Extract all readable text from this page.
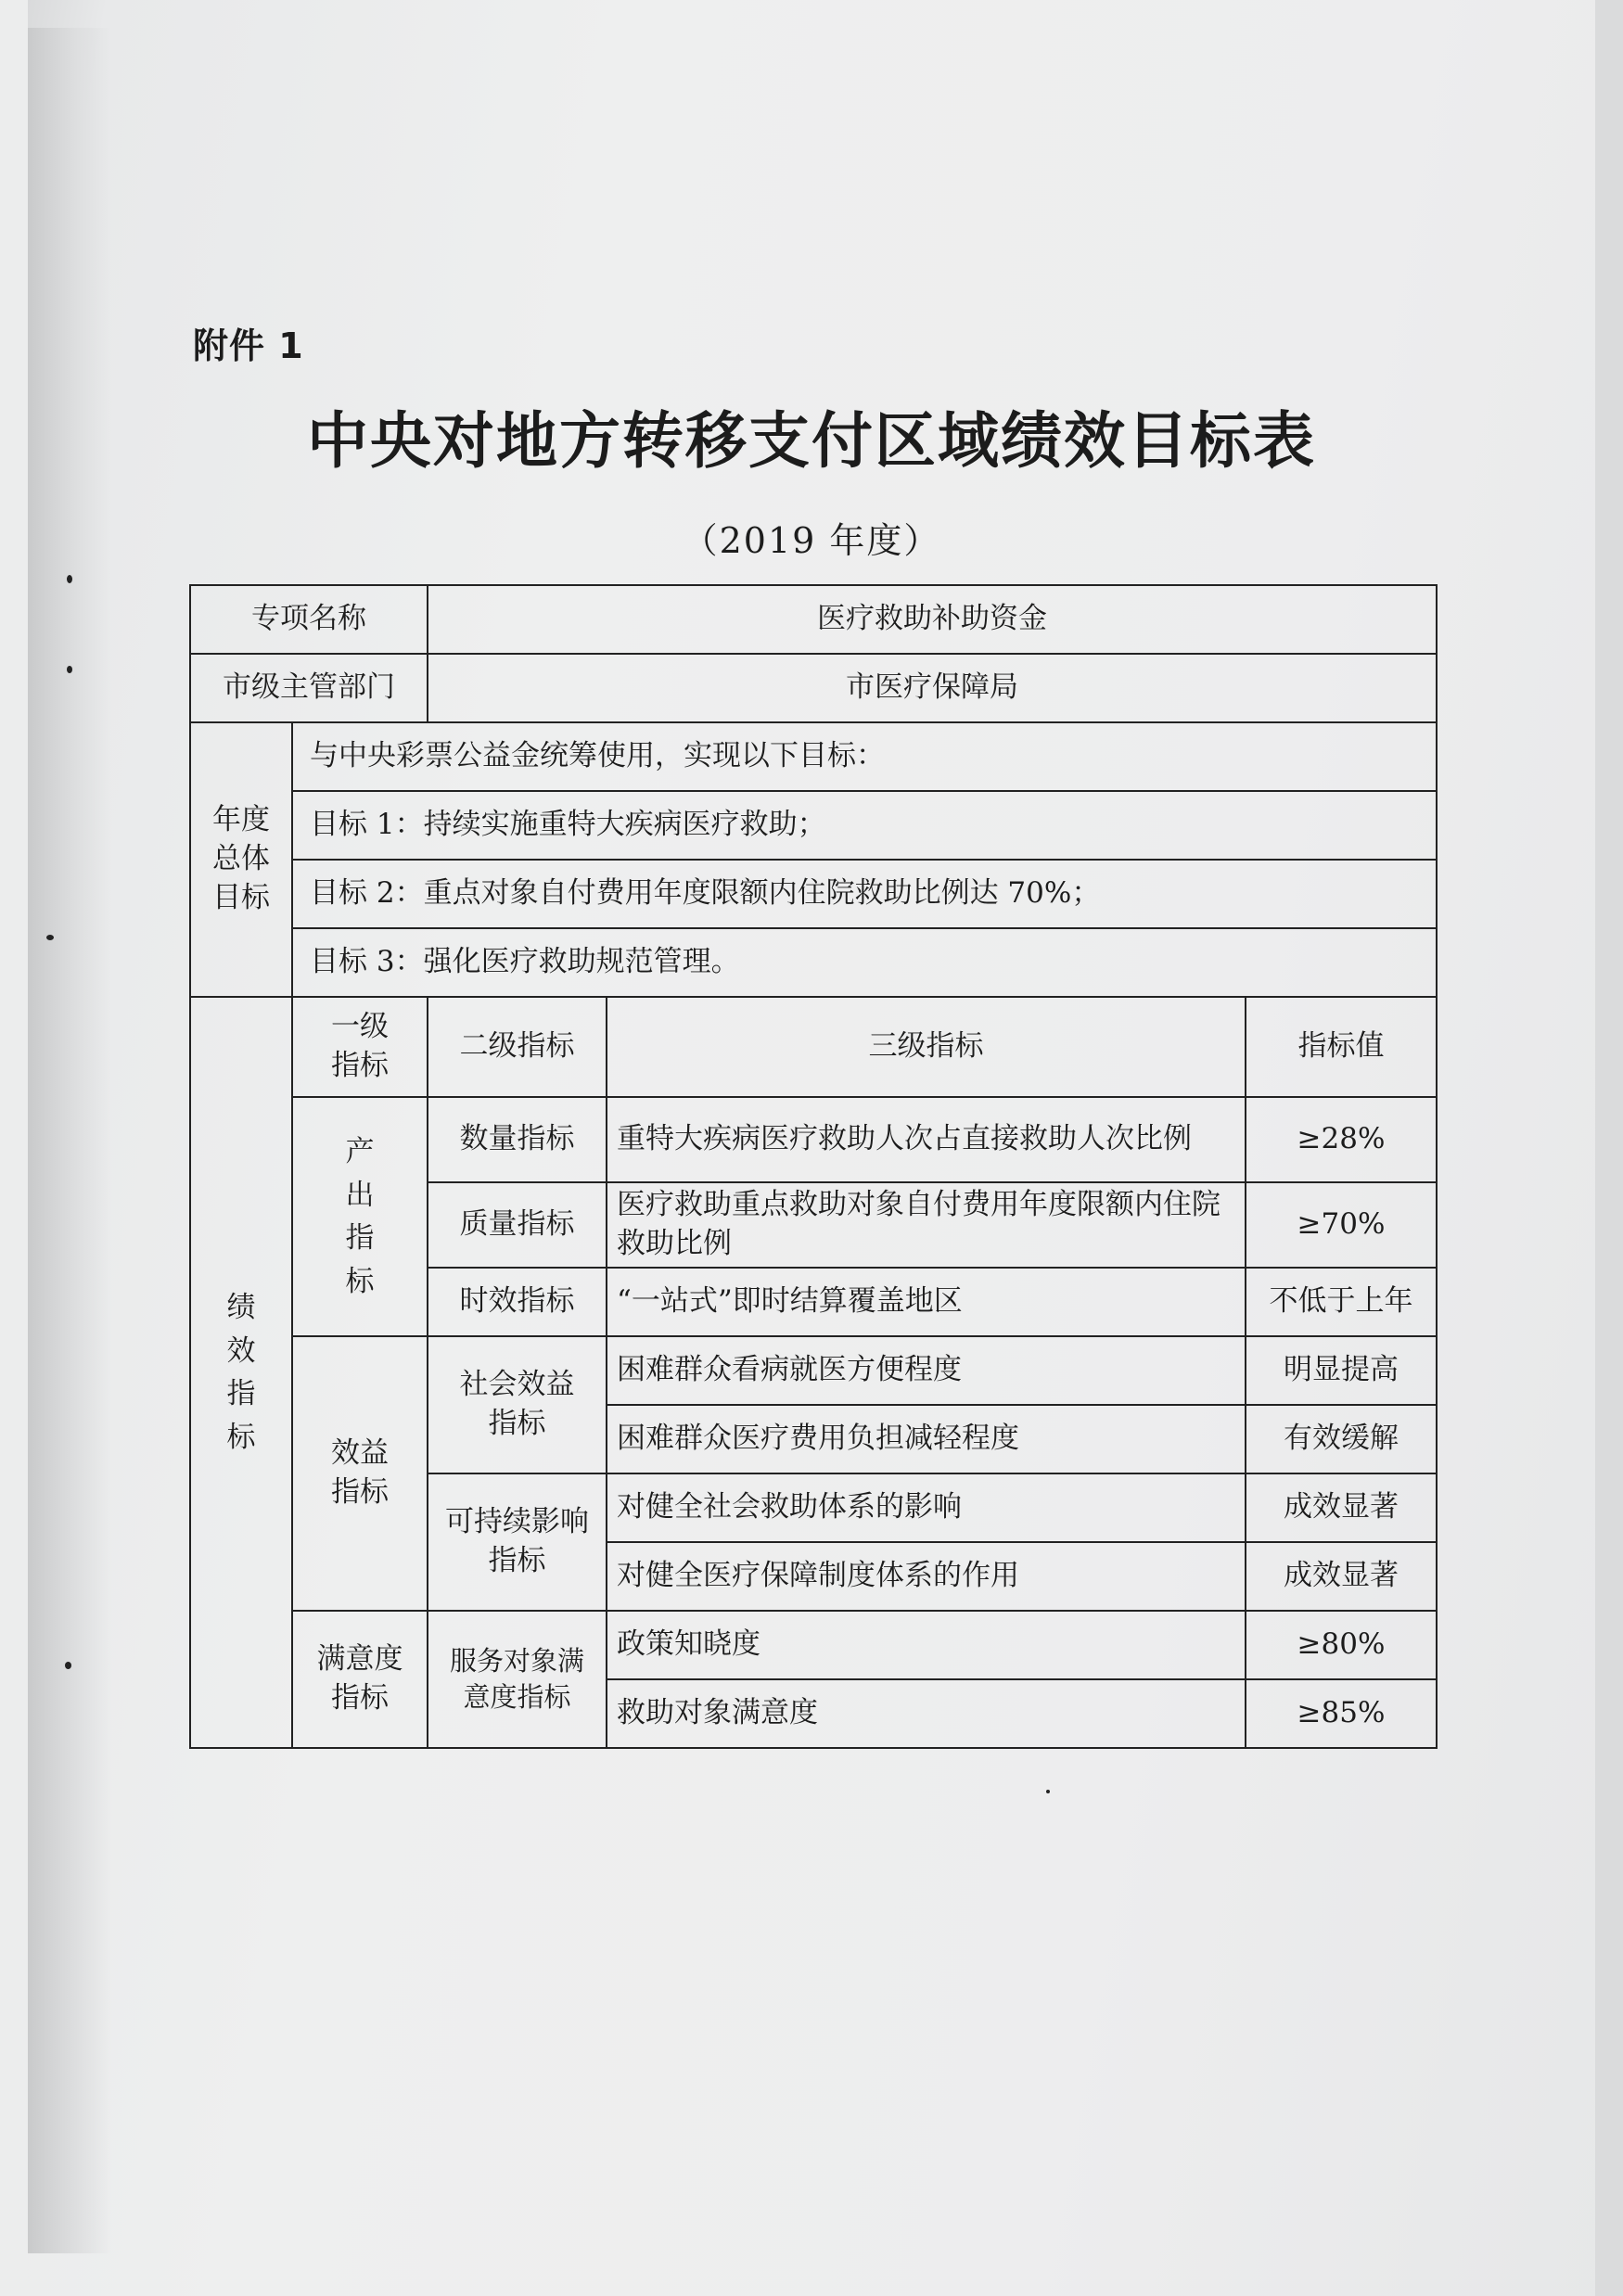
附件 1
中央对地方转移支付区域绩效目标表
（2019 年度）
专项名称		医疗救助补助资金		
市级主管部门		市医疗保障局		

年度总体目标	与中央彩票公益金统筹使用，实现以下目标：			
	目标 1：持续实施重特大疾病医疗救助；			
	目标 2：重点对象自付费用年度限额内住院救助比例达 70%；			
	目标 3：强化医疗救助规范管理。			

绩效指标	一级指标	二级指标	三级指标	指标值

	产出指标	数量指标	重特大疾病医疗救助人次占直接救助人次比例	≥28%
		质量指标	医疗救助重点救助对象自付费用年度限额内住院救助比例	≥70%
		时效指标	“一站式”即时结算覆盖地区	不低于上年

	效益指标	社会效益指标	困难群众看病就医方便程度	明显提高
			困难群众医疗费用负担减轻程度	有效缓解

		可持续影响指标	对健全社会救助体系的影响	成效显著
			对健全医疗保障制度体系的作用	成效显著

	满意度指标	服务对象满意度指标	政策知晓度	≥80%
			救助对象满意度	≥85%
